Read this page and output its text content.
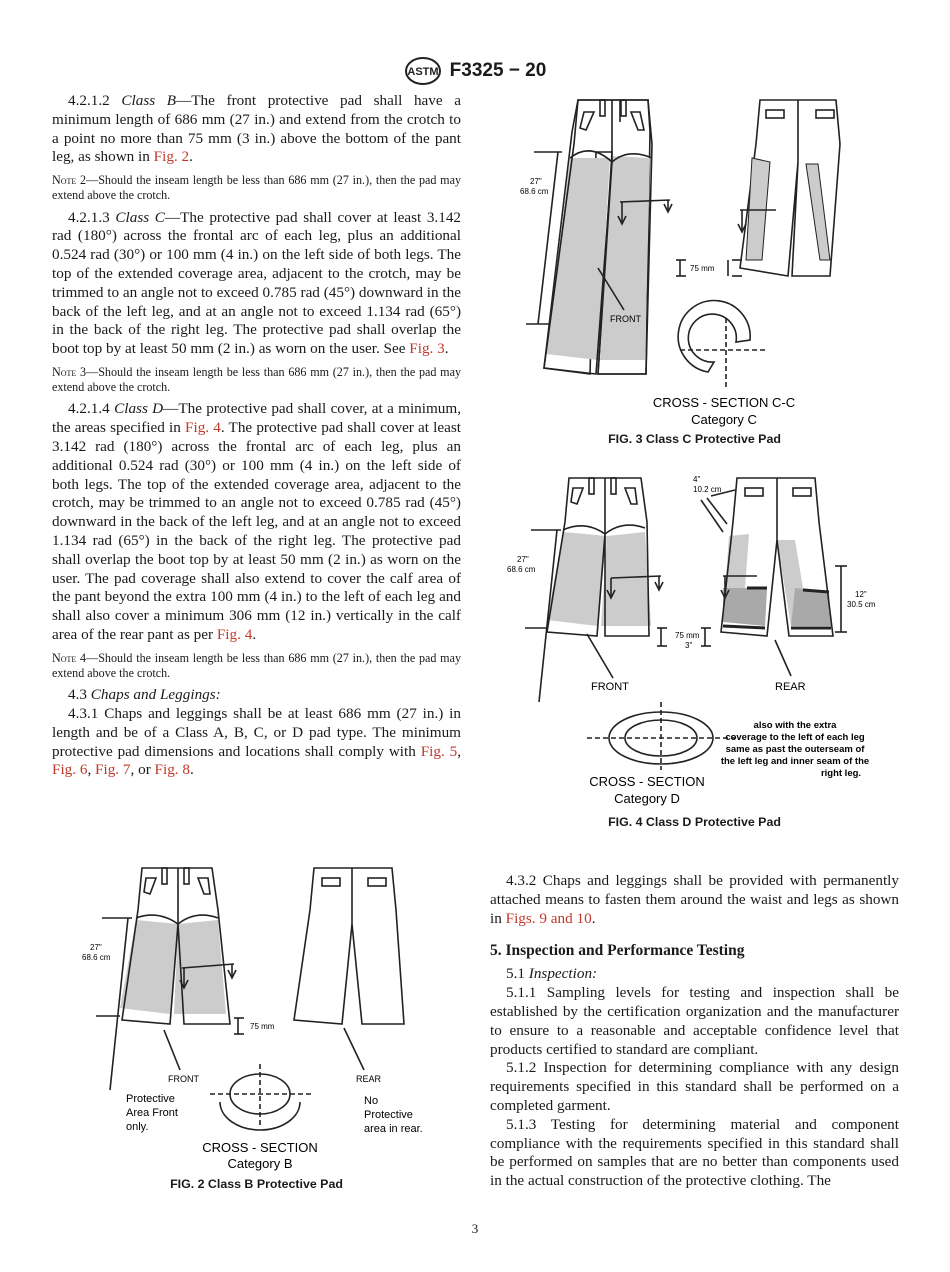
ASTM F3325 − 20

4.2.1.2 Class B—The front protective pad shall have a minimum length of 686 mm (27 in.) and extend from the crotch to a point no more than 75 mm (3 in.) above the bottom of the pant leg, as shown in Fig. 2.

Note 2—Should the inseam length be less than 686 mm (27 in.), then the pad may extend above the crotch.

4.2.1.3 Class C—The protective pad shall cover at least 3.142 rad (180°) across the frontal arc of each leg, plus an additional 0.524 rad (30°) or 100 mm (4 in.) on the left side of both legs. The top of the extended coverage area, adjacent to the crotch, may be trimmed to an angle not to exceed 0.785 rad (45°) downward in the back of the left leg, and at an angle not to exceed 1.134 rad (65°) in the back of the right leg. The protective pad shall overlap the boot top by at least 50 mm (2 in.) as worn on the user. See Fig. 3.

Note 3—Should the inseam length be less than 686 mm (27 in.), then the pad may extend above the crotch.

4.2.1.4 Class D—The protective pad shall cover, at a minimum, the areas specified in Fig. 4. The protective pad shall cover at least 3.142 rad (180°) across the frontal arc of each leg, plus an additional 0.524 rad (30°) or 100 mm (4 in.) on the left side of both legs. The top of the extended coverage area, adjacent to the crotch, may be trimmed to an angle not to exceed 0.785 rad (45°) downward in the back of the left leg, and at an angle not to exceed 1.134 rad (65°) in the back of the right leg. The protective pad shall overlap the boot top by at least 50 mm (2 in.) as worn on the user. The pad coverage shall also extend to cover the calf area of the pant beyond the extra 100 mm (4 in.) to the left of each leg and shall also cover a minimum 306 mm (12 in.) vertically in the calf area of the rear pant as per Fig. 4.

Note 4—Should the inseam length be less than 686 mm (27 in.), then the pad may extend above the crotch.

4.3 Chaps and Leggings:

4.3.1 Chaps and leggings shall be at least 686 mm (27 in.) in length and be of a Class A, B, C, or D pad type. The minimum protective pad dimensions and locations shall comply with Fig. 5, Fig. 6, Fig. 7, or Fig. 8.

27"
68.6 cm
75 mm
FRONT
CROSS - SECTION C-C
Category C
FIG. 3 Class C Protective Pad
27"
68.6 cm
4"
10.2 cm
12"
30.5 cm
75 mm
3"
FRONT	REAR
also with the extra
coverage to the left of each leg
same as past the outerseam of
the left leg and inner seam of the
right leg.
CROSS - SECTION
Category D
FIG. 4 Class D Protective Pad
27"
68.6 cm
75 mm
FRONT	REAR
Protective
Area Front
only.
No
Protective
area in rear.
CROSS - SECTION
Category B
FIG. 2 Class B Protective Pad

4.3.2 Chaps and leggings shall be provided with permanently attached means to fasten them around the waist and legs as shown in Figs. 9 and 10.

5. Inspection and Performance Testing

5.1 Inspection:

5.1.1 Sampling levels for testing and inspection shall be established by the certification organization and the manufacturer to ensure to a reasonable and acceptable confidence level that products certified to standard are compliant.

5.1.2 Inspection for determining compliance with any design requirements specified in this standard shall be performed on a completed garment.

5.1.3 Testing for determining material and component compliance with the requirements specified in this standard shall be performed on samples that are no better than components used in the actual construction of the protective clothing. The

3
